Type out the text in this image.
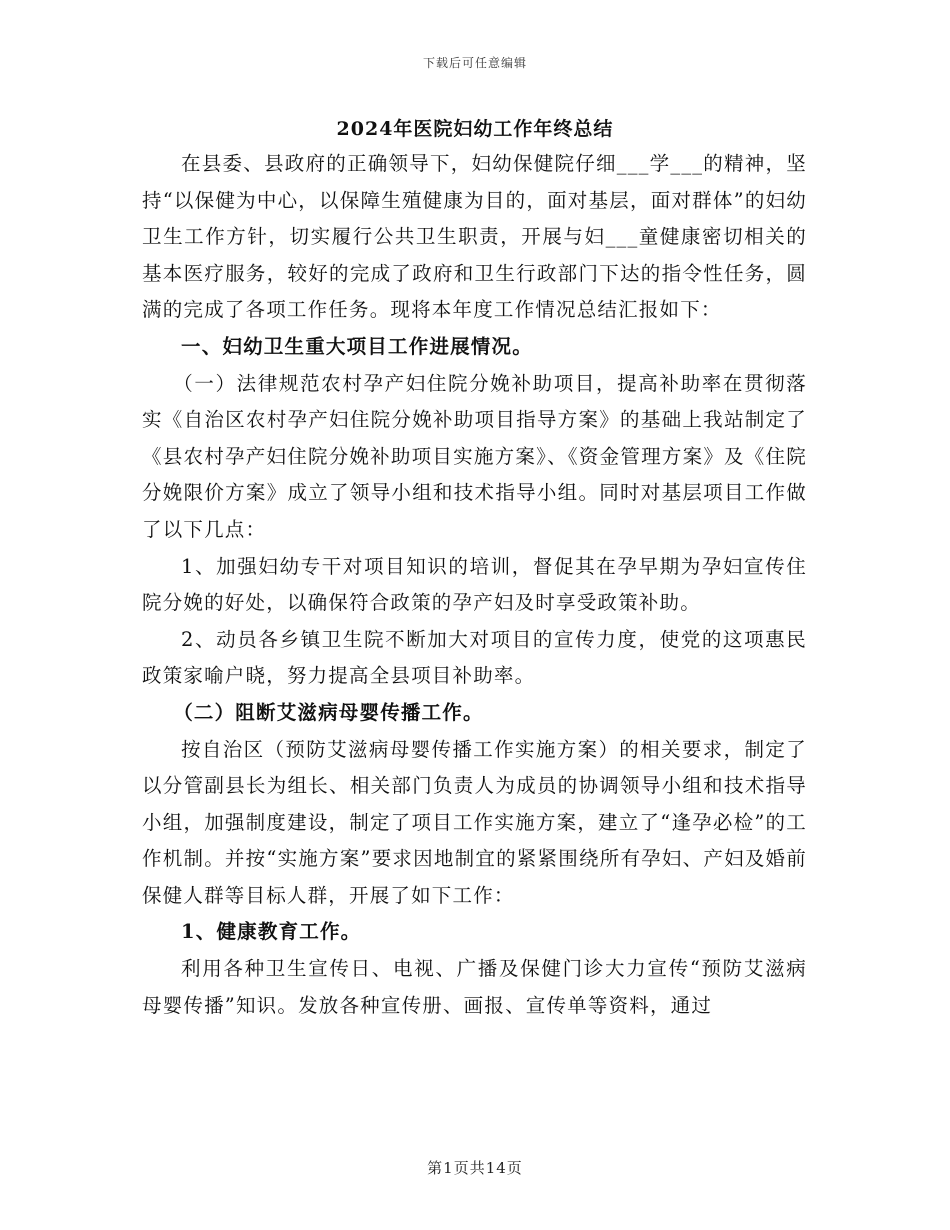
下载后可任意编辑
2024年医院妇幼工作年终总结

在县委、县政府的正确领导下，妇幼保健院仔细___学___的精神，坚持“以保健为中心，以保障生殖健康为目的，面对基层，面对群体”的妇幼卫生工作方针，切实履行公共卫生职责，开展与妇___童健康密切相关的基本医疗服务，较好的完成了政府和卫生行政部门下达的指令性任务，圆满的完成了各项工作任务。现将本年度工作情况总结汇报如下：

一、妇幼卫生重大项目工作进展情况。

（一）法律规范农村孕产妇住院分娩补助项目，提高补助率在贯彻落实《自治区农村孕产妇住院分娩补助项目指导方案》的基础上我站制定了《县农村孕产妇住院分娩补助项目实施方案》、《资金管理方案》及《住院分娩限价方案》成立了领导小组和技术指导小组。同时对基层项目工作做了以下几点：

1、加强妇幼专干对项目知识的培训，督促其在孕早期为孕妇宣传住院分娩的好处，以确保符合政策的孕产妇及时享受政策补助。

2、动员各乡镇卫生院不断加大对项目的宣传力度，使党的这项惠民政策家喻户晓，努力提高全县项目补助率。

（二）阻断艾滋病母婴传播工作。

按自治区（预防艾滋病母婴传播工作实施方案）的相关要求，制定了以分管副县长为组长、相关部门负责人为成员的协调领导小组和技术指导小组，加强制度建设，制定了项目工作实施方案，建立了“逢孕必检”的工作机制。并按“实施方案”要求因地制宜的紧紧围绕所有孕妇、产妇及婚前保健人群等目标人群，开展了如下工作：

1、健康教育工作。

利用各种卫生宣传日、电视、广播及保健门诊大力宣传“预防艾滋病母婴传播”知识。发放各种宣传册、画报、宣传单等资料，通过

第1页共14页
